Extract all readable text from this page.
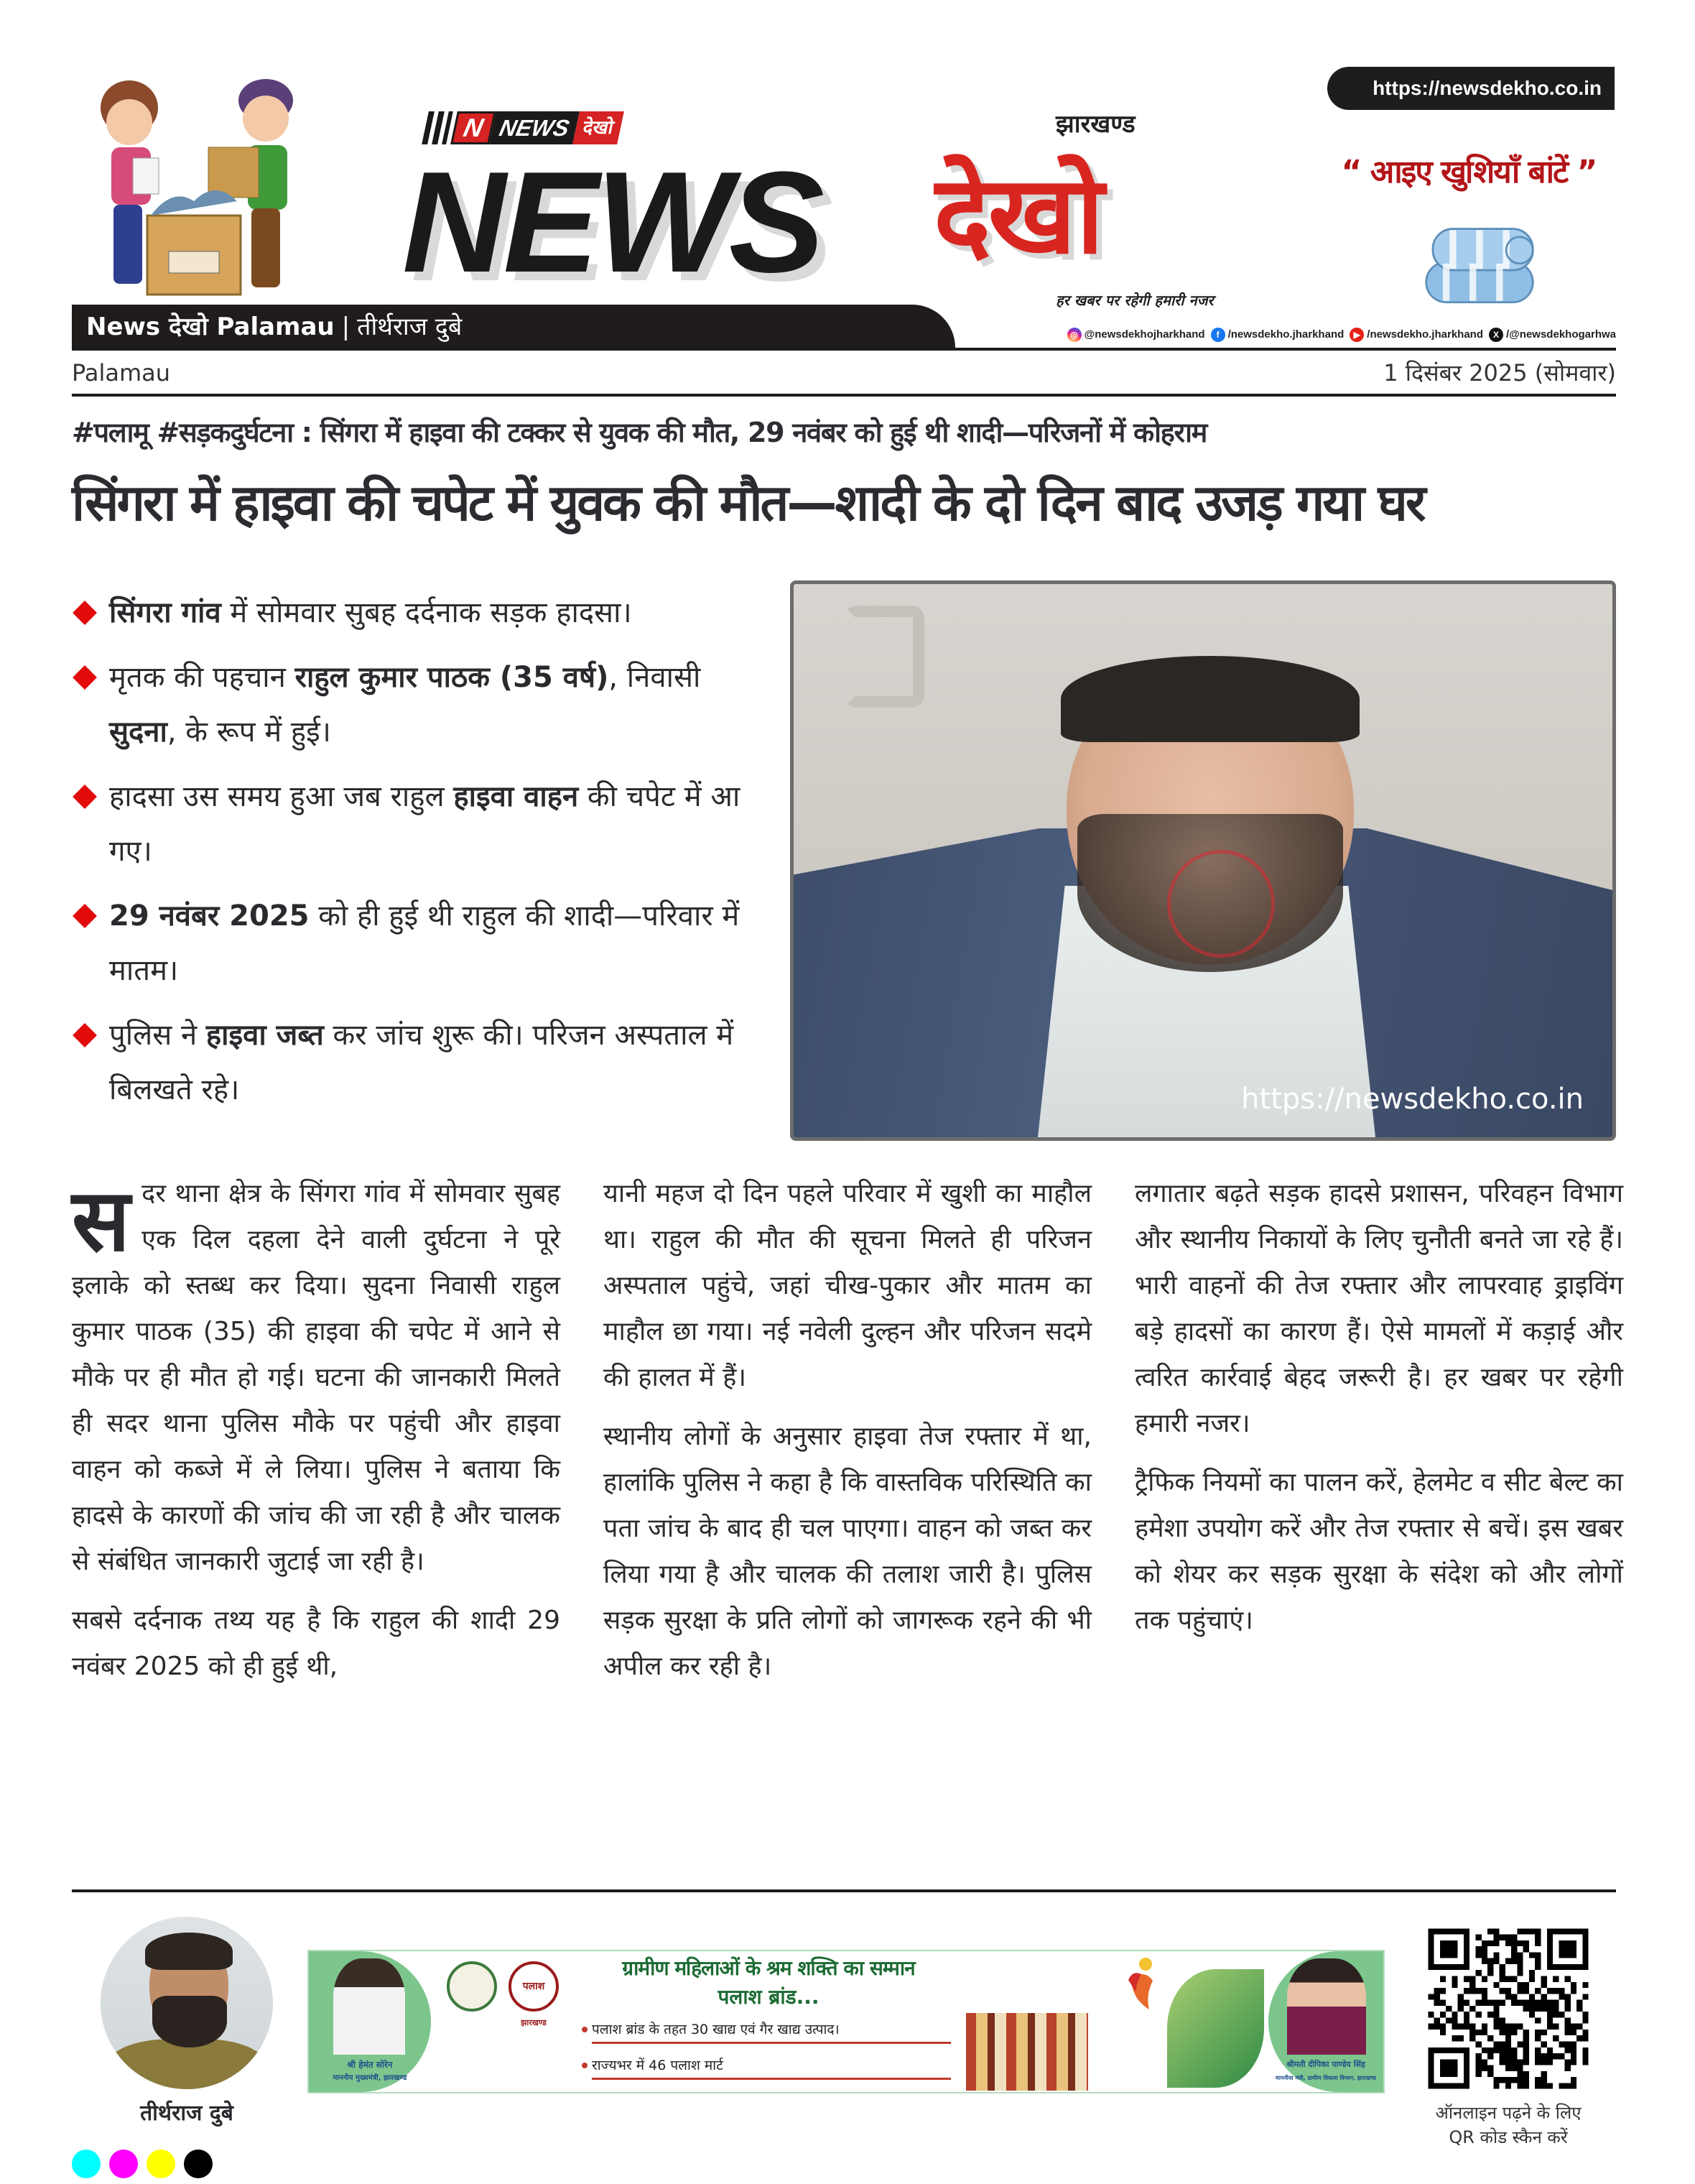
N NEWS देखो
NEWS
झारखण्ड
देखो
हर खबर पर रहेगी हमारी नजर
https://newsdekho.co.in
“ आइए खुशियाँ बांटें ”
News देखो Palamau | तीर्थराज दुबे	◎ @newsdekhojharkhand	f /newsdekho.jharkhand	▶ /newsdekho.jharkhand	X /@newsdekhogarhwa
Palamau	1 दिसंबर 2025 (सोमवार)
#पलामू #सड़कदुर्घटना : सिंगरा में हाइवा की टक्कर से युवक की मौत, 29 नवंबर को हुई थी शादी—परिजनों में कोहराम
सिंगरा में हाइवा की चपेट में युवक की मौत—शादी के दो दिन बाद उजड़ गया घर
सिंगरा गांव में सोमवार सुबह दर्दनाक सड़क हादसा।
मृतक की पहचान राहुल कुमार पाठक (35 वर्ष), निवासी सुदना, के रूप में हुई।
हादसा उस समय हुआ जब राहुल हाइवा वाहन की चपेट में आ गए।
29 नवंबर 2025 को ही हुई थी राहुल की शादी—परिवार में मातम।
पुलिस ने हाइवा जब्त कर जांच शुरू की। परिजन अस्पताल में बिलखते रहे।	https://newsdekho.co.in

सदर थाना क्षेत्र के सिंगरा गांव में सोमवार सुबह एक दिल दहला देने वाली दुर्घटना ने पूरे इलाके को स्तब्ध कर दिया। सुदना निवासी राहुल कुमार पाठक (35) की हाइवा की चपेट में आने से मौके पर ही मौत हो गई। घटना की जानकारी मिलते ही सदर थाना पुलिस मौके पर पहुंची और हाइवा वाहन को कब्जे में ले लिया। पुलिस ने बताया कि हादसे के कारणों की जांच की जा रही है और चालक से संबंधित जानकारी जुटाई जा रही है।

सबसे दर्दनाक तथ्य यह है कि राहुल की शादी 29 नवंबर 2025 को ही हुई थी,

यानी महज दो दिन पहले परिवार में खुशी का माहौल था। राहुल की मौत की सूचना मिलते ही परिजन अस्पताल पहुंचे, जहां चीख-पुकार और मातम का माहौल छा गया। नई नवेली दुल्हन और परिजन सदमे की हालत में हैं।

स्थानीय लोगों के अनुसार हाइवा तेज रफ्तार में था, हालांकि पुलिस ने कहा है कि वास्तविक परिस्थिति का पता जांच के बाद ही चल पाएगा। वाहन को जब्त कर लिया गया है और चालक की तलाश जारी है। पुलिस सड़क सुरक्षा के प्रति लोगों को जागरूक रहने की भी अपील कर रही है।

लगातार बढ़ते सड़क हादसे प्रशासन, परिवहन विभाग और स्थानीय निकायों के लिए चुनौती बनते जा रहे हैं। भारी वाहनों की तेज रफ्तार और लापरवाह ड्राइविंग बड़े हादसों का कारण हैं। ऐसे मामलों में कड़ाई और त्वरित कार्रवाई बेहद जरूरी है। हर खबर पर रहेगी हमारी नजर।

ट्रैफिक नियमों का पालन करें, हेलमेट व सीट बेल्ट का हमेशा उपयोग करें और तेज रफ्तार से बचें। इस खबर को शेयर कर सड़क सुरक्षा के संदेश को और लोगों तक पहुंचाएं।

तीर्थराज दुबे
श्री हेमंत सोरेन
माननीय मुख्यमंत्री, झारखण्ड
पलाश
झारखण्ड
ग्रामीण महिलाओं के श्रम शक्ति का सम्मान
पलाश ब्रांड...
पलाश ब्रांड के तहत 30 खाद्य एवं गैर खाद्य उत्पाद।
राज्यभर में 46 पलाश मार्ट	श्रीमती दीपिका पाण्डेय सिंह
माननीया मंत्री, ग्रामीण विकास विभाग, झारखण्ड
ऑनलाइन पढ़ने के लिए
QR कोड स्कैन करें
